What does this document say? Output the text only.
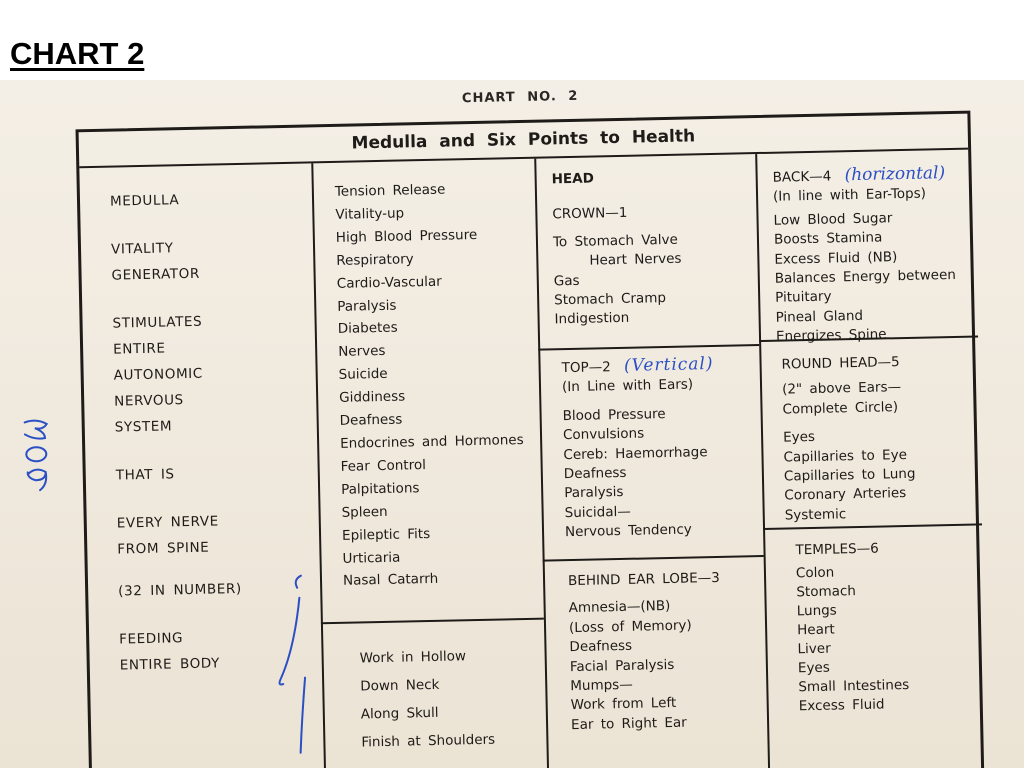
CHART 2
CHART NO. 2
Medulla and Six Points to Health
MEDULLA
VITALITY
GENERATOR
STIMULATES
ENTIRE
AUTONOMIC
NERVOUS
SYSTEM
THAT IS
EVERY NERVE
FROM SPINE
(32 IN NUMBER)
FEEDING
ENTIRE BODY
Tension Release
Vitality-up
High Blood Pressure
Respiratory
Cardio-Vascular
Paralysis
Diabetes
Nerves
Suicide
Giddiness
Deafness
Endocrines and Hormones
Fear Control
Palpitations
Spleen
Epileptic Fits
Urticaria
Nasal Catarrh
Work in Hollow
Down Neck
Along Skull
Finish at Shoulders
HEAD
CROWN—1
To Stomach Valve
Heart Nerves
Gas
Stomach Cramp
Indigestion
TOP—2 (Vertical)
(In Line with Ears)
Blood Pressure
Convulsions
Cereb: Haemorrhage
Deafness
Paralysis
Suicidal—
Nervous Tendency
BEHIND EAR LOBE—3
Amnesia—(NB)
(Loss of Memory)
Deafness
Facial Paralysis
Mumps—
Work from Left
Ear to Right Ear
BACK—4 (horizontal)
(In line with Ear-Tops)
Low Blood Sugar
Boosts Stamina
Excess Fluid (NB)
Balances Energy between
Pituitary
Pineal Gland
Energizes Spine
ROUND HEAD—5
(2" above Ears—
Complete Circle)
Eyes
Capillaries to Eye
Capillaries to Lung
Coronary Arteries
Systemic
TEMPLES—6
Colon
Stomach
Lungs
Heart
Liver
Eyes
Small Intestines
Excess Fluid
